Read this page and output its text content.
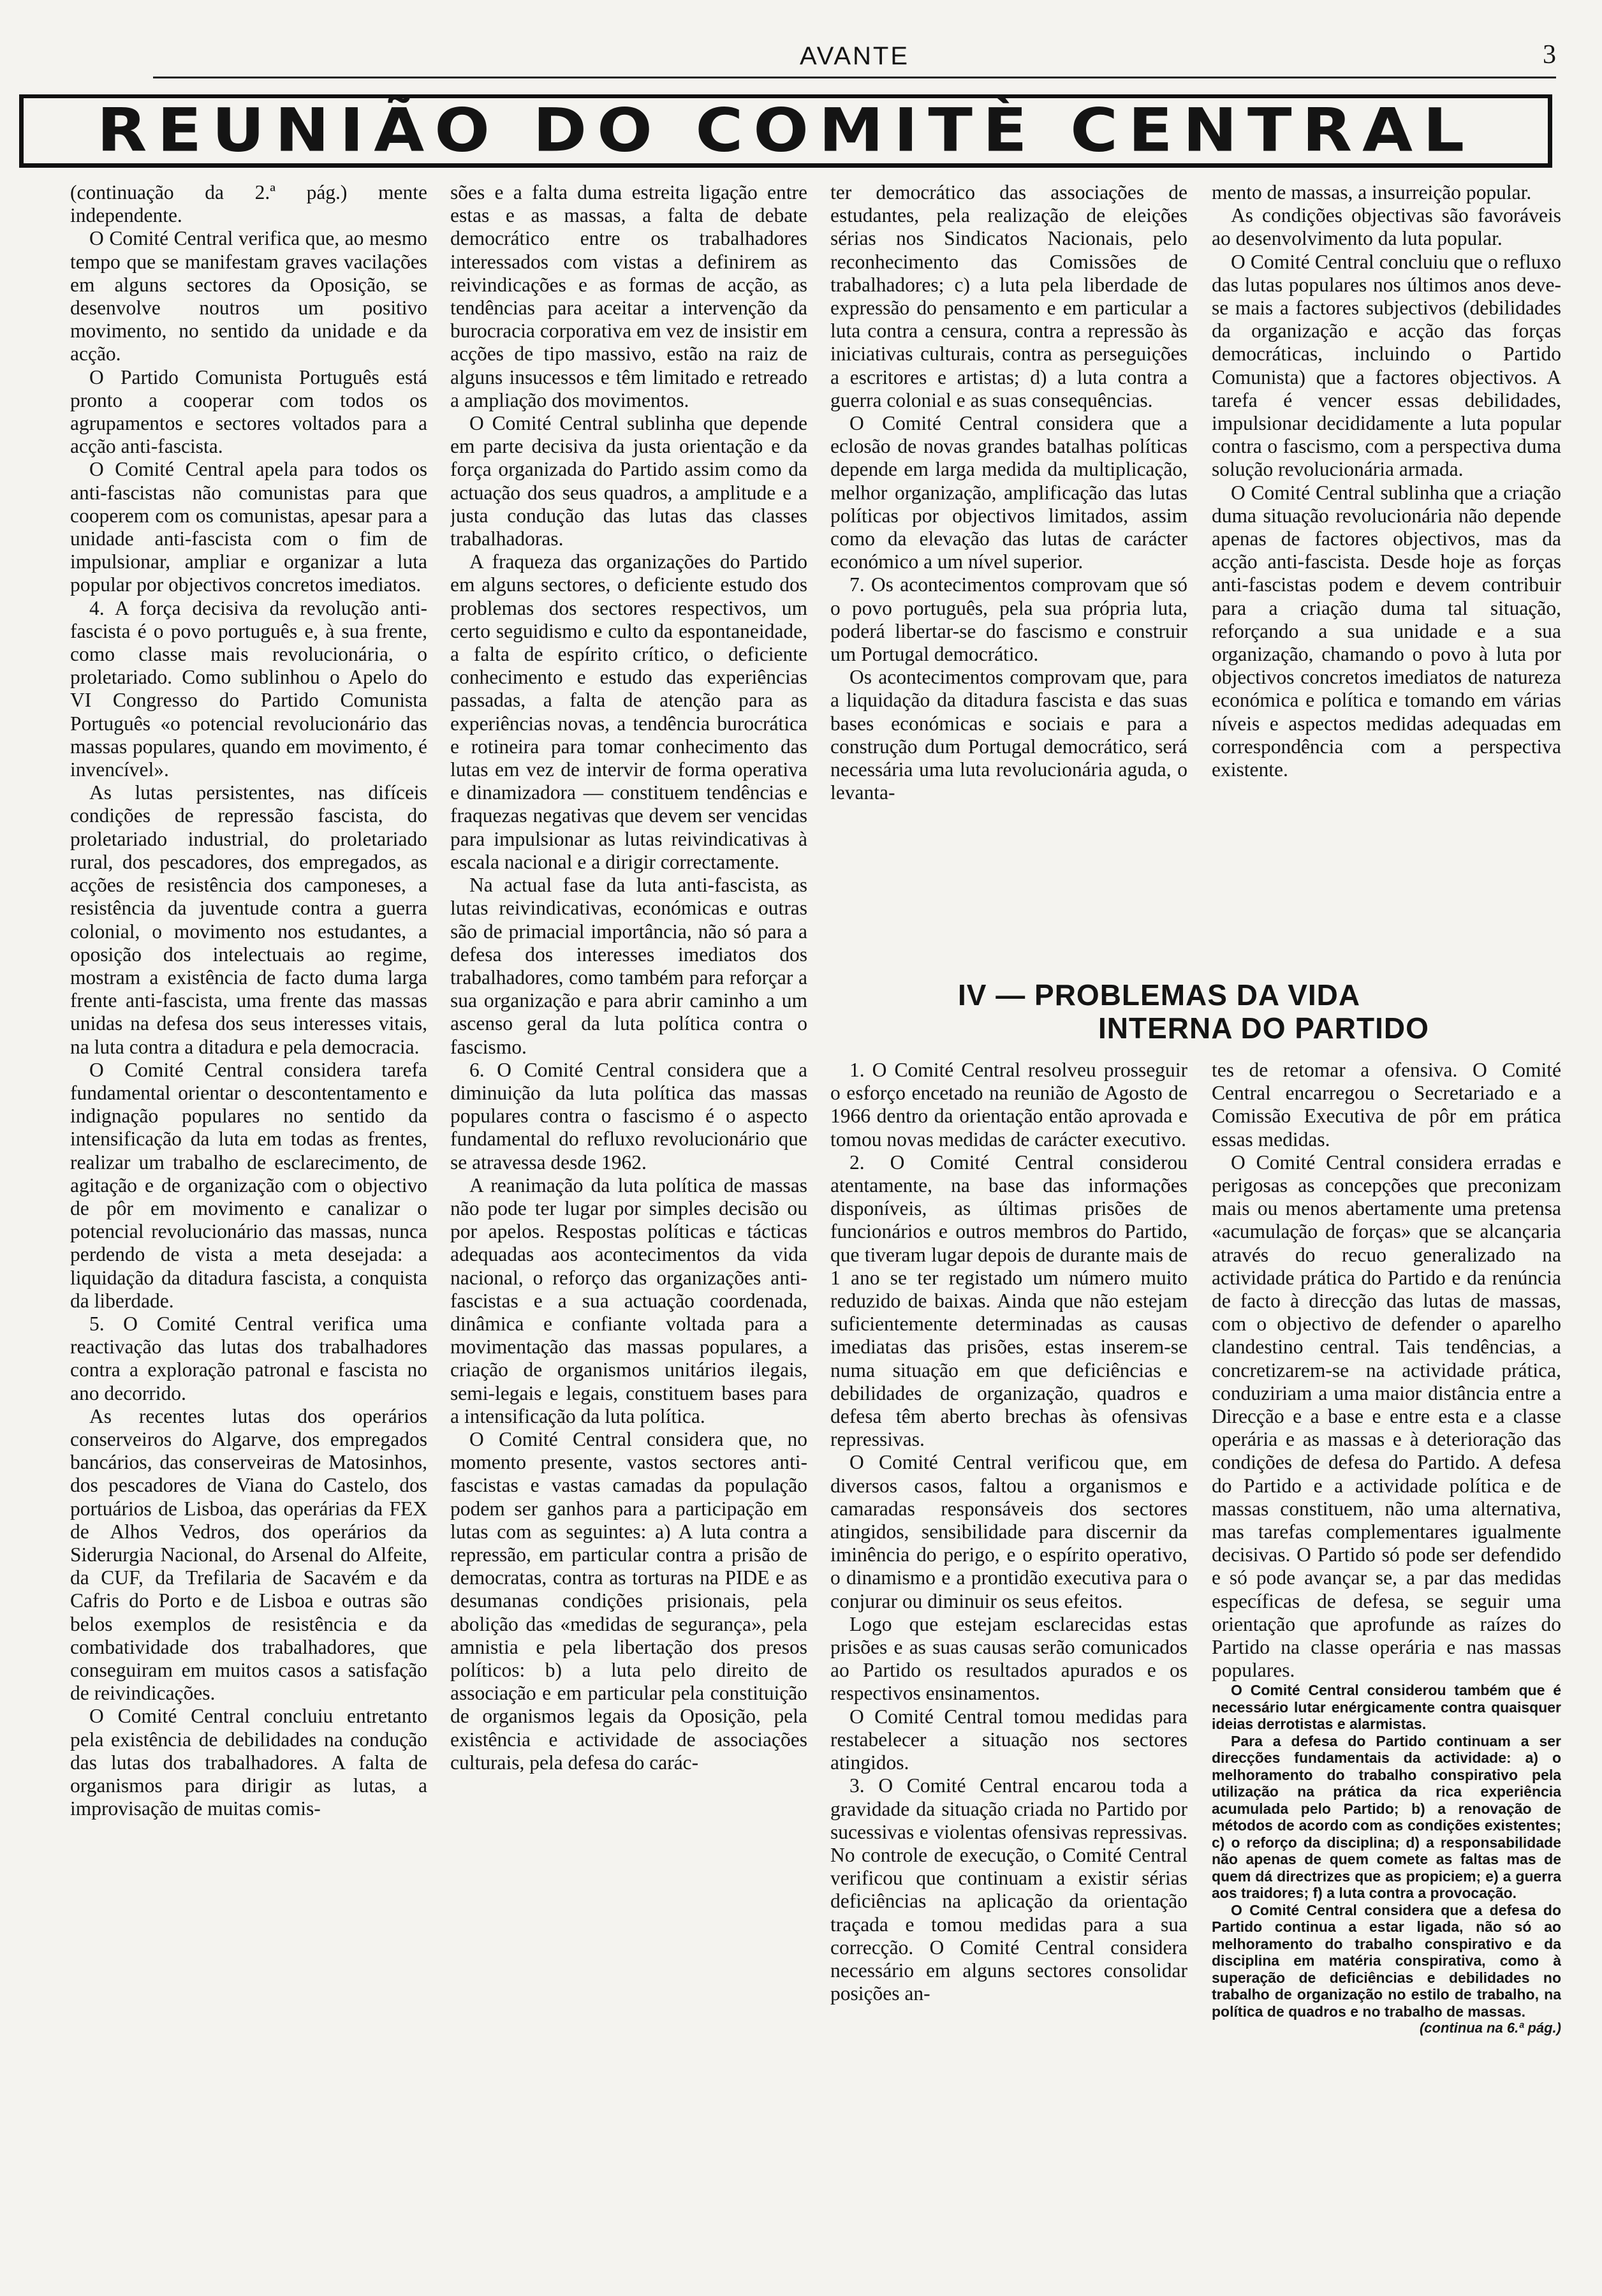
AVANTE	3
REUNIÃO DO COMITÈ CENTRAL

(continuação da 2.ª pág.) mente independente.

O Comité Central verifica que, ao mesmo tempo que se manifestam graves vacilações em alguns sectores da Oposição, se desenvolve noutros um positivo movimento, no sentido da unidade e da acção.

O Partido Comunista Português está pronto a cooperar com todos os agrupamentos e sectores voltados para a acção anti-fascista.

O Comité Central apela para todos os anti-fascistas não comunistas para que cooperem com os comunistas, apesar para a unidade anti-fascista com o fim de impulsionar, ampliar e organizar a luta popular por objectivos concretos imediatos.

4. A força decisiva da revolução anti-fascista é o povo português e, à sua frente, como classe mais revolucionária, o proletariado. Como sublinhou o Apelo do VI Congresso do Partido Comunista Português «o potencial revolucionário das massas populares, quando em movimento, é invencível».

As lutas persistentes, nas difíceis condições de repressão fascista, do proletariado industrial, do proletariado rural, dos pescadores, dos empregados, as acções de resistência dos camponeses, a resistência da juventude contra a guerra colonial, o movimento nos estudantes, a oposição dos intelectuais ao regime, mostram a existência de facto duma larga frente anti-fascista, uma frente das massas unidas na defesa dos seus interesses vitais, na luta contra a ditadura e pela democracia.

O Comité Central considera tarefa fundamental orientar o descontentamento e indignação populares no sentido da intensificação da luta em todas as frentes, realizar um trabalho de esclarecimento, de agitação e de organização com o objectivo de pôr em movimento e canalizar o potencial revolucionário das massas, nunca perdendo de vista a meta desejada: a liquidação da ditadura fascista, a conquista da liberdade.

5. O Comité Central verifica uma reactivação das lutas dos trabalhadores contra a exploração patronal e fascista no ano decorrido.

As recentes lutas dos operários conserveiros do Algarve, dos empregados bancários, das conserveiras de Matosinhos, dos pescadores de Viana do Castelo, dos portuários de Lisboa, das operárias da FEX de Alhos Vedros, dos operários da Siderurgia Nacional, do Arsenal do Alfeite, da CUF, da Trefilaria de Sacavém e da Cafris do Porto e de Lisboa e outras são belos exemplos de resistência e da combatividade dos trabalhadores, que conseguiram em muitos casos a satisfação de reivindicações.

O Comité Central concluiu entretanto pela existência de debilidades na condução das lutas dos trabalhadores. A falta de organismos para dirigir as lutas, a improvisação de muitas comis-

sões e a falta duma estreita ligação entre estas e as massas, a falta de debate democrático entre os trabalhadores interessados com vistas a definirem as reivindicações e as formas de acção, as tendências para aceitar a intervenção da burocracia corporativa em vez de insistir em acções de tipo massivo, estão na raiz de alguns insucessos e têm limitado e retreado a ampliação dos movimentos.

O Comité Central sublinha que depende em parte decisiva da justa orientação e da força organizada do Partido assim como da actuação dos seus quadros, a amplitude e a justa condução das lutas das classes trabalhadoras.

A fraqueza das organizações do Partido em alguns sectores, o deficiente estudo dos problemas dos sectores respectivos, um certo seguidismo e culto da espontaneidade, a falta de espírito crítico, o deficiente conhecimento e estudo das experiências passadas, a falta de atenção para as experiências novas, a tendência burocrática e rotineira para tomar conhecimento das lutas em vez de intervir de forma operativa e dinamizadora — constituem tendências e fraquezas negativas que devem ser vencidas para impulsionar as lutas reivindicativas à escala nacional e a dirigir correctamente.

Na actual fase da luta anti-fascista, as lutas reivindicativas, económicas e outras são de primacial importância, não só para a defesa dos interesses imediatos dos trabalhadores, como também para reforçar a sua organização e para abrir caminho a um ascenso geral da luta política contra o fascismo.

6. O Comité Central considera que a diminuição da luta política das massas populares contra o fascismo é o aspecto fundamental do refluxo revolucionário que se atravessa desde 1962.

A reanimação da luta política de massas não pode ter lugar por simples decisão ou por apelos. Respostas políticas e tácticas adequadas aos acontecimentos da vida nacional, o reforço das organizações anti-fascistas e a sua actuação coordenada, dinâmica e confiante voltada para a movimentação das massas populares, a criação de organismos unitários ilegais, semi-legais e legais, constituem bases para a intensificação da luta política.

O Comité Central considera que, no momento presente, vastos sectores anti-fascistas e vastas camadas da população podem ser ganhos para a participação em lutas com as seguintes: a) A luta contra a repressão, em particular contra a prisão de democratas, contra as torturas na PIDE e as desumanas condições prisionais, pela abolição das «medidas de segurança», pela amnistia e pela libertação dos presos políticos: b) a luta pelo direito de associação e em particular pela constituição de organismos legais da Oposição, pela existência e actividade de associações culturais, pela defesa do carác-

ter democrático das associações de estudantes, pela realização de eleições sérias nos Sindicatos Nacionais, pelo reconhecimento das Comissões de trabalhadores; c) a luta pela liberdade de expressão do pensamento e em particular a luta contra a censura, contra a repressão às iniciativas culturais, contra as perseguições a escritores e artistas; d) a luta contra a guerra colonial e as suas consequências.

O Comité Central considera que a eclosão de novas grandes batalhas políticas depende em larga medida da multiplicação, melhor organização, amplificação das lutas políticas por objectivos limitados, assim como da elevação das lutas de carácter económico a um nível superior.

7. Os acontecimentos comprovam que só o povo português, pela sua própria luta, poderá libertar-se do fascismo e construir um Portugal democrático.

Os acontecimentos comprovam que, para a liquidação da ditadura fascista e das suas bases económicas e sociais e para a construção dum Portugal democrático, será necessária uma luta revolucionária aguda, o levanta-

mento de massas, a insurreição popular.

As condições objectivas são favoráveis ao desenvolvimento da luta popular.

O Comité Central concluiu que o refluxo das lutas populares nos últimos anos deve-se mais a factores subjectivos (debilidades da organização e acção das forças democráticas, incluindo o Partido Comunista) que a factores objectivos. A tarefa é vencer essas debilidades, impulsionar decididamente a luta popular contra o fascismo, com a perspectiva duma solução revolucionária armada.

O Comité Central sublinha que a criação duma situação revolucionária não depende apenas de factores objectivos, mas da acção anti-fascista. Desde hoje as forças anti-fascistas podem e devem contribuir para a criação duma tal situação, reforçando a sua unidade e a sua organização, chamando o povo à luta por objectivos concretos imediatos de natureza económica e política e tomando em várias níveis e aspectos medidas adequadas em correspondência com a perspectiva existente.

IV — PROBLEMAS DA VIDA
INTERNA DO PARTIDO

1. O Comité Central resolveu prosseguir o esforço encetado na reunião de Agosto de 1966 dentro da orientação então aprovada e tomou novas medidas de carácter executivo.

2. O Comité Central considerou atentamente, na base das informações disponíveis, as últimas prisões de funcionários e outros membros do Partido, que tiveram lugar depois de durante mais de 1 ano se ter registado um número muito reduzido de baixas. Ainda que não estejam suficientemente determinadas as causas imediatas das prisões, estas inserem-se numa situação em que deficiências e debilidades de organização, quadros e defesa têm aberto brechas às ofensivas repressivas.

O Comité Central verificou que, em diversos casos, faltou a organismos e camaradas responsáveis dos sectores atingidos, sensibilidade para discernir da iminência do perigo, e o espírito operativo, o dinamismo e a prontidão executiva para o conjurar ou diminuir os seus efeitos.

Logo que estejam esclarecidas estas prisões e as suas causas serão comunicados ao Partido os resultados apurados e os respectivos ensinamentos.

O Comité Central tomou medidas para restabelecer a situação nos sectores atingidos.

3. O Comité Central encarou toda a gravidade da situação criada no Partido por sucessivas e violentas ofensivas repressivas. No controle de execução, o Comité Central verificou que continuam a existir sérias deficiências na aplicação da orientação traçada e tomou medidas para a sua correcção. O Comité Central considera necessário em alguns sectores consolidar posições an-

tes de retomar a ofensiva. O Comité Central encarregou o Secretariado e a Comissão Executiva de pôr em prática essas medidas.

O Comité Central considera erradas e perigosas as concepções que preconizam mais ou menos abertamente uma pretensa «acumulação de forças» que se alcançaria através do recuo generalizado na actividade prática do Partido e da renúncia de facto à direcção das lutas de massas, com o objectivo de defender o aparelho clandestino central. Tais tendências, a concretizarem-se na actividade prática, conduziriam a uma maior distância entre a Direcção e a base e entre esta e a classe operária e as massas e à deterioração das condições de defesa do Partido. A defesa do Partido e a actividade política e de massas constituem, não uma alternativa, mas tarefas complementares igualmente decisivas. O Partido só pode ser defendido e só pode avançar se, a par das medidas específicas de defesa, se seguir uma orientação que aprofunde as raízes do Partido na classe operária e nas massas populares.

O Comité Central considerou também que é necessário lutar enérgicamente contra quaisquer ideias derrotistas e alarmistas.

Para a defesa do Partido continuam a ser direcções fundamentais da actividade: a) o melhoramento do trabalho conspirativo pela utilização na prática da rica experiência acumulada pelo Partido; b) a renovação de métodos de acordo com as condições existentes; c) o reforço da disciplina; d) a responsabilidade não apenas de quem comete as faltas mas de quem dá directrizes que as propiciem; e) a guerra aos traidores; f) a luta contra a provocação.

O Comité Central considera que a defesa do Partido continua a estar ligada, não só ao melhoramento do trabalho conspirativo e da disciplina em matéria conspirativa, como à superação de deficiências e debilidades no trabalho de organização no estilo de trabalho, na política de quadros e no trabalho de massas.

(continua na 6.ª pág.)
